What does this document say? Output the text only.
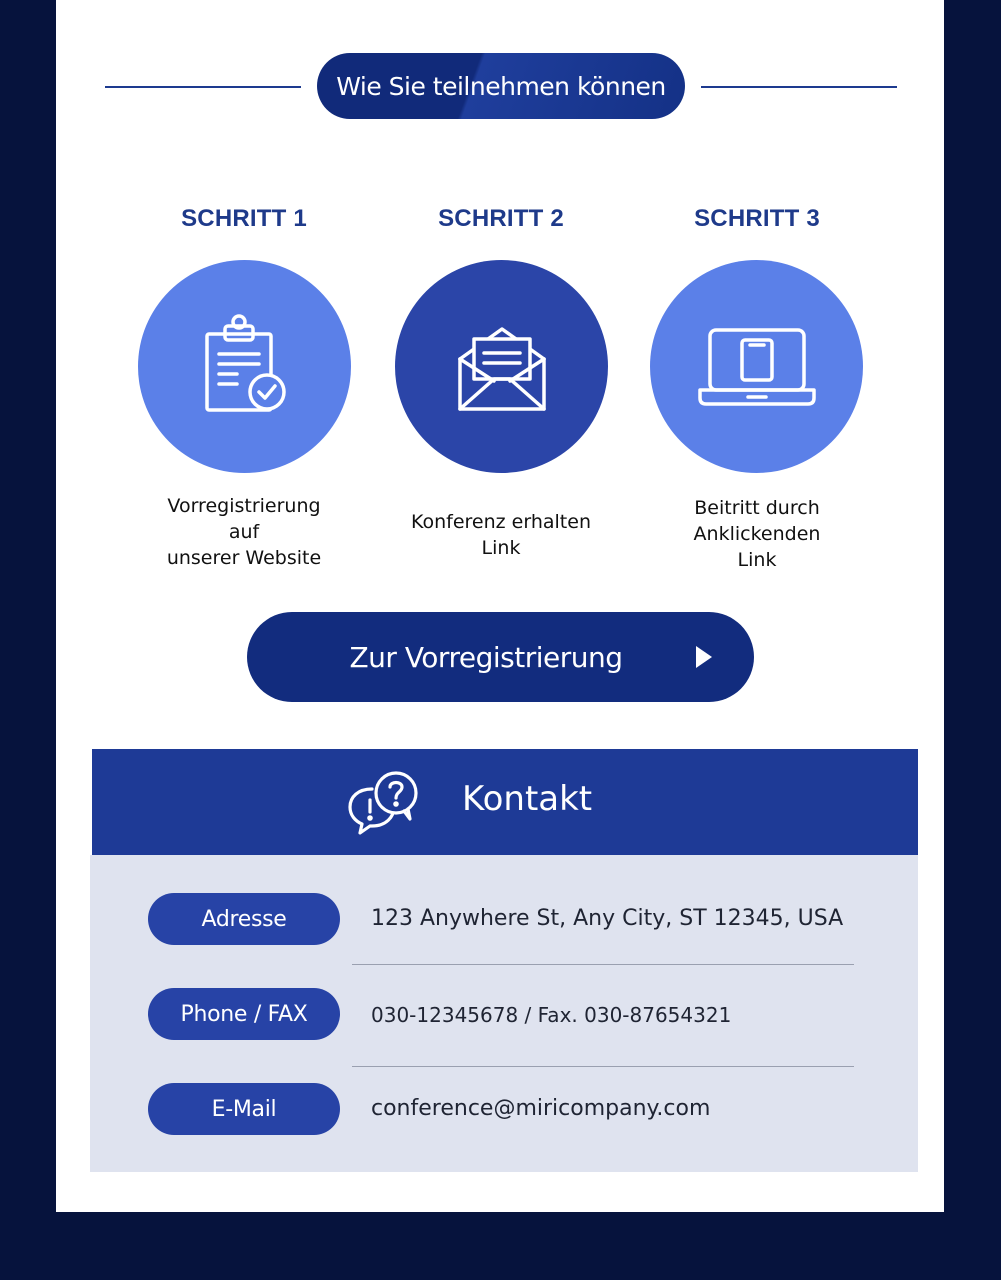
Wie Sie teilnehmen können
SCHRITT 1
Vorregistrierung
auf
unserer Website
SCHRITT 2
Konferenz erhalten
Link
SCHRITT 3
Beitritt durch
Anklickenden
Link
Zur Vorregistrierung
Kontakt
Adresse	123 Anywhere St, Any City, ST 12345, USA
Phone / FAX	030-12345678 / Fax. 030-87654321
E-Mail	conference@miricompany.com
